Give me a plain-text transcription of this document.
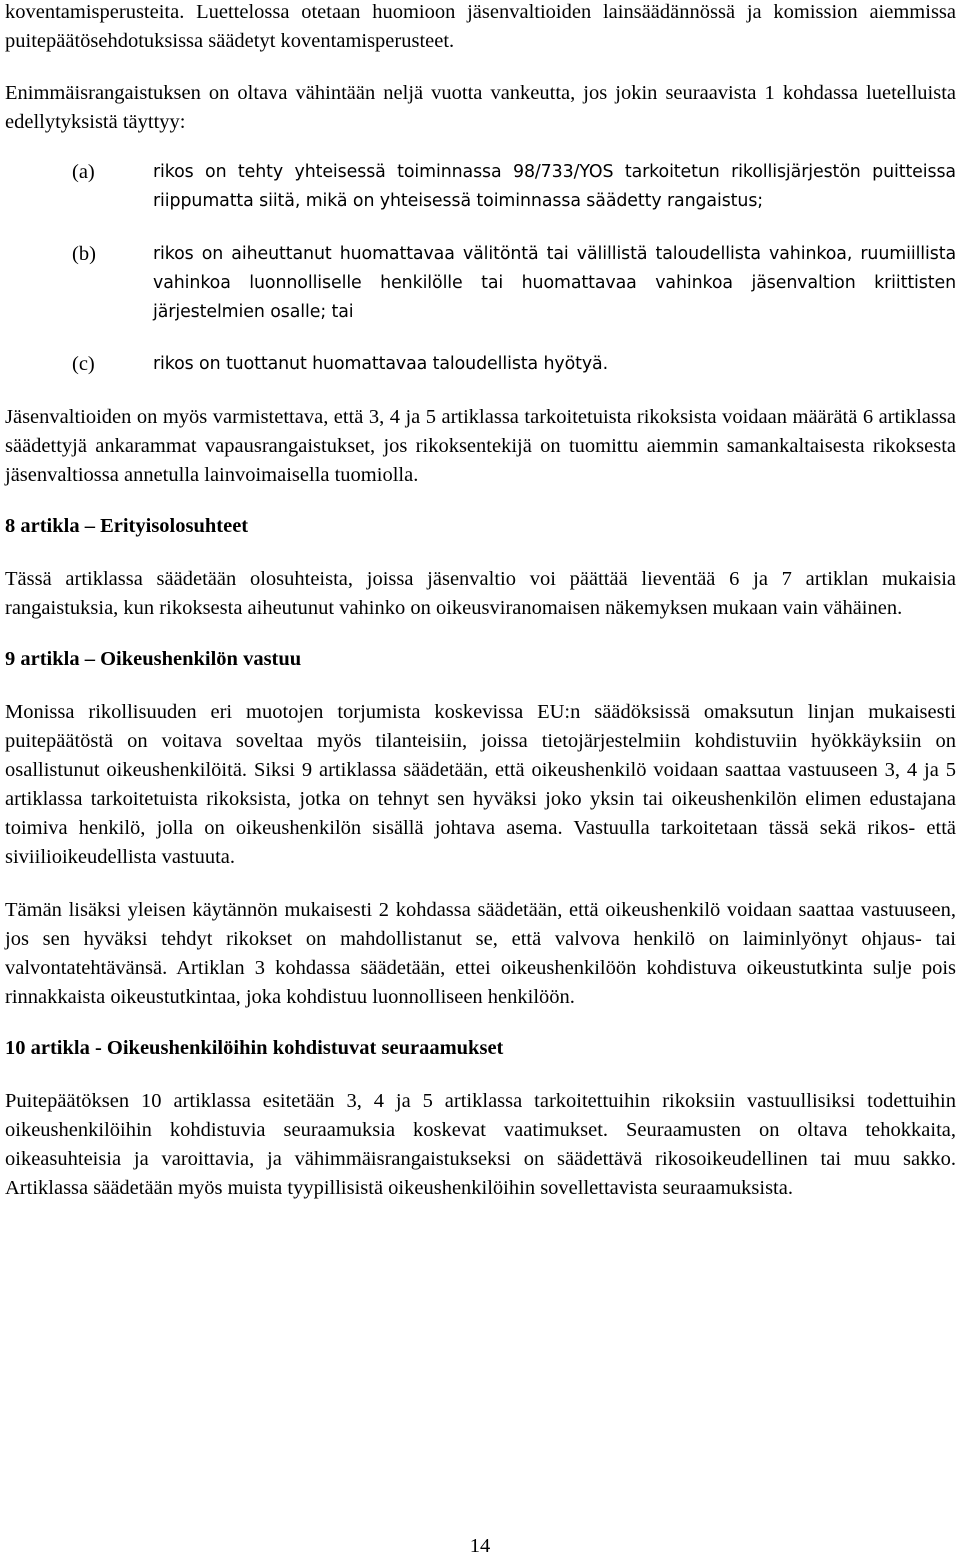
koventamisperusteita. Luettelossa otetaan huomioon jäsenvaltioiden lainsäädännössä ja komission aiemmissa puitepäätösehdotuksissa säädetyt koventamisperusteet.

Enimmäisrangaistuksen on oltava vähintään neljä vuotta vankeutta, jos jokin seuraavista 1 kohdassa luetelluista edellytyksistä täyttyy:

(a)	rikos on tehty yhteisessä toiminnassa 98/733/YOS tarkoitetun rikollisjärjestön puitteissa riippumatta siitä, mikä on yhteisessä toiminnassa säädetty rangaistus;
(b)	rikos on aiheuttanut huomattavaa välitöntä tai välillistä taloudellista vahinkoa, ruumiillista vahinkoa luonnolliselle henkilölle tai huomattavaa vahinkoa jäsenvaltion kriittisten järjestelmien osalle; tai
(c)	rikos on tuottanut huomattavaa taloudellista hyötyä.

Jäsenvaltioiden on myös varmistettava, että 3, 4 ja 5 artiklassa tarkoitetuista rikoksista voidaan määrätä 6 artiklassa säädettyjä ankarammat vapausrangaistukset, jos rikoksentekijä on tuomittu aiemmin samankaltaisesta rikoksesta jäsenvaltiossa annetulla lainvoimaisella tuomiolla.

8 artikla – Erityisolosuhteet

Tässä artiklassa säädetään olosuhteista, joissa jäsenvaltio voi päättää lieventää 6 ja 7 artiklan mukaisia rangaistuksia, kun rikoksesta aiheutunut vahinko on oikeusviranomaisen näkemyksen mukaan vain vähäinen.

9 artikla – Oikeushenkilön vastuu

Monissa rikollisuuden eri muotojen torjumista koskevissa EU:n säädöksissä omaksutun linjan mukaisesti puitepäätöstä on voitava soveltaa myös tilanteisiin, joissa tietojärjestelmiin kohdistuviin hyökkäyksiin on osallistunut oikeushenkilöitä. Siksi 9 artiklassa säädetään, että oikeushenkilö voidaan saattaa vastuuseen 3, 4 ja 5 artiklassa tarkoitetuista rikoksista, jotka on tehnyt sen hyväksi joko yksin tai oikeushenkilön elimen edustajana toimiva henkilö, jolla on oikeushenkilön sisällä johtava asema. Vastuulla tarkoitetaan tässä sekä rikos- että siviilioikeudellista vastuuta.

Tämän lisäksi yleisen käytännön mukaisesti 2 kohdassa säädetään, että oikeushenkilö voidaan saattaa vastuuseen, jos sen hyväksi tehdyt rikokset on mahdollistanut se, että valvova henkilö on laiminlyönyt ohjaus- tai valvontatehtävänsä. Artiklan 3 kohdassa säädetään, ettei oikeushenkilöön kohdistuva oikeustutkinta sulje pois rinnakkaista oikeustutkintaa, joka kohdistuu luonnolliseen henkilöön.

10 artikla - Oikeushenkilöihin kohdistuvat seuraamukset

Puitepäätöksen 10 artiklassa esitetään 3, 4 ja 5 artiklassa tarkoitettuihin rikoksiin vastuullisiksi todettuihin oikeushenkilöihin kohdistuvia seuraamuksia koskevat vaatimukset. Seuraamusten on oltava tehokkaita, oikeasuhteisia ja varoittavia, ja vähimmäisrangaistukseksi on säädettävä rikosoikeudellinen tai muu sakko. Artiklassa säädetään myös muista tyypillisistä oikeushenkilöihin sovellettavista seuraamuksista.

14
